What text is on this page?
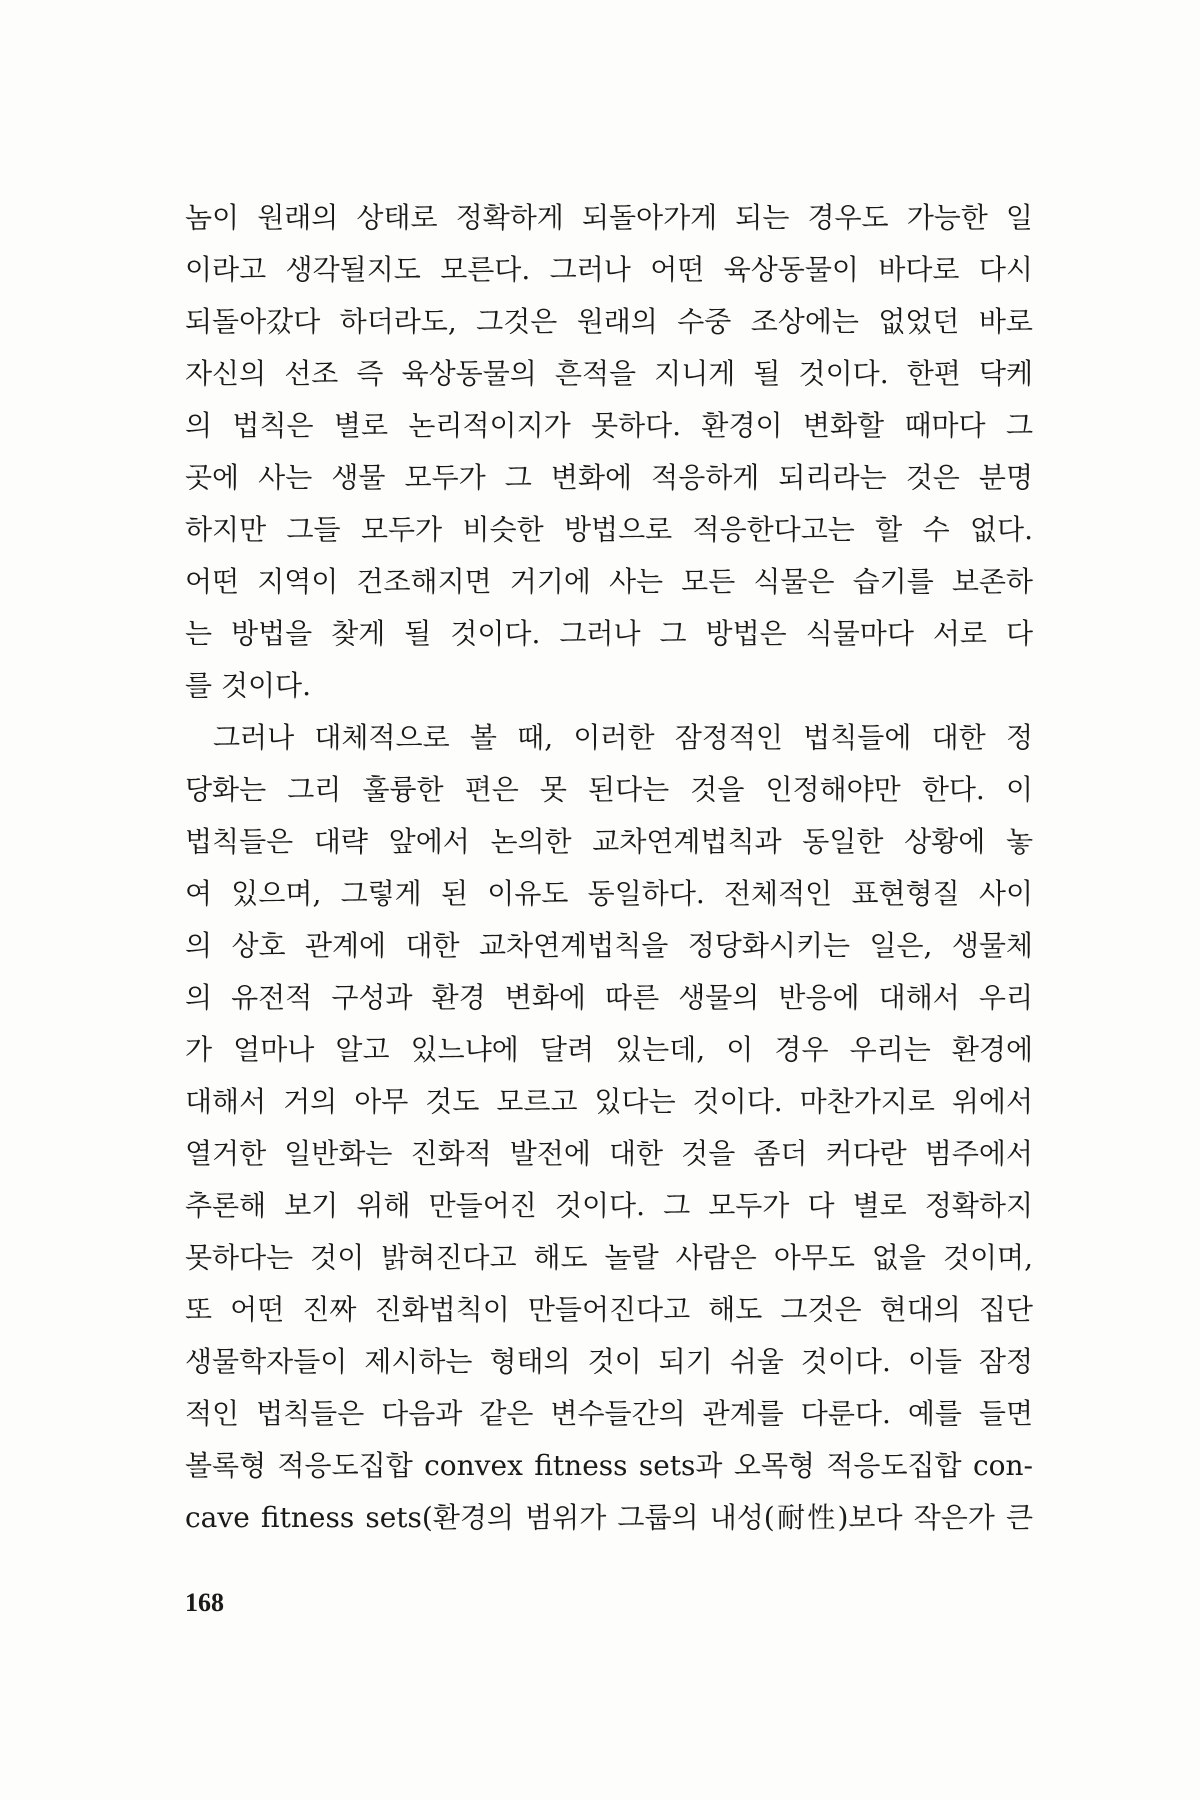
놈이 원래의 상태로 정확하게 되돌아가게 되는 경우도 가능한 일
이라고 생각될지도 모른다. 그러나 어떤 육상동물이 바다로 다시
되돌아갔다 하더라도, 그것은 원래의 수중 조상에는 없었던 바로
자신의 선조 즉 육상동물의 흔적을 지니게 될 것이다. 한편 닥케
의 법칙은 별로 논리적이지가 못하다. 환경이 변화할 때마다 그
곳에 사는 생물 모두가 그 변화에 적응하게 되리라는 것은 분명
하지만 그들 모두가 비슷한 방법으로 적응한다고는 할 수 없다.
어떤 지역이 건조해지면 거기에 사는 모든 식물은 습기를 보존하
는 방법을 찾게 될 것이다. 그러나 그 방법은 식물마다 서로 다
를 것이다.
그러나 대체적으로 볼 때, 이러한 잠정적인 법칙들에 대한 정
당화는 그리 훌륭한 편은 못 된다는 것을 인정해야만 한다. 이
법칙들은 대략 앞에서 논의한 교차연계법칙과 동일한 상황에 놓
여 있으며, 그렇게 된 이유도 동일하다. 전체적인 표현형질 사이
의 상호 관계에 대한 교차연계법칙을 정당화시키는 일은, 생물체
의 유전적 구성과 환경 변화에 따른 생물의 반응에 대해서 우리
가 얼마나 알고 있느냐에 달려 있는데, 이 경우 우리는 환경에
대해서 거의 아무 것도 모르고 있다는 것이다. 마찬가지로 위에서
열거한 일반화는 진화적 발전에 대한 것을 좀더 커다란 범주에서
추론해 보기 위해 만들어진 것이다. 그 모두가 다 별로 정확하지
못하다는 것이 밝혀진다고 해도 놀랄 사람은 아무도 없을 것이며,
또 어떤 진짜 진화법칙이 만들어진다고 해도 그것은 현대의 집단
생물학자들이 제시하는 형태의 것이 되기 쉬울 것이다. 이들 잠정
적인 법칙들은 다음과 같은 변수들간의 관계를 다룬다. 예를 들면
볼록형 적응도집합 convex fitness sets과 오목형 적응도집합 con-
cave fitness sets(환경의 범위가 그룹의 내성(耐性)보다 작은가 큰
168
